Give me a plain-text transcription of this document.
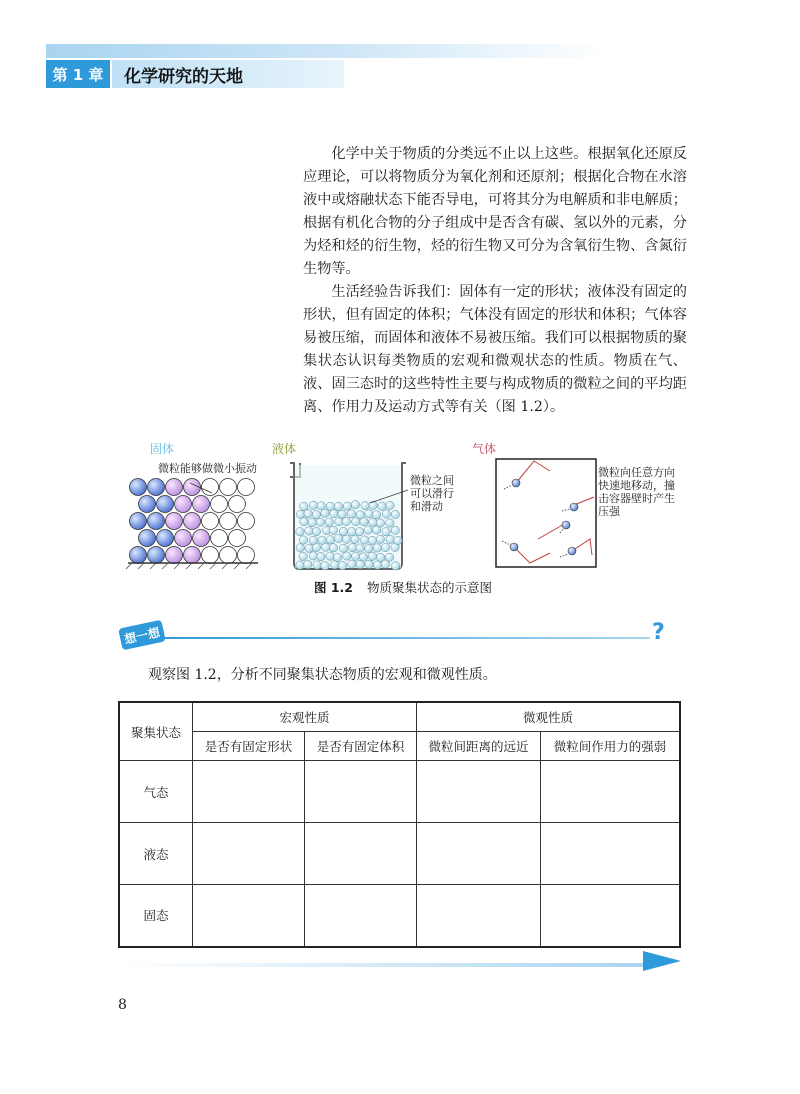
第 1 章	化学研究的天地

化学中关于物质的分类远不止以上这些。根据氧化还原反应理论，可以将物质分为氧化剂和还原剂；根据化合物在水溶液中或熔融状态下能否导电，可将其分为电解质和非电解质；根据有机化合物的分子组成中是否含有碳、氢以外的元素，分为烃和烃的衍生物，烃的衍生物又可分为含氧衍生物、含氮衍生物等。

生活经验告诉我们：固体有一定的形状；液体没有固定的形状，但有固定的体积；气体没有固定的形状和体积；气体容易被压缩，而固体和液体不易被压缩。我们可以根据物质的聚集状态认识每类物质的宏观和微观状态的性质。物质在气、液、固三态时的这些特性主要与构成物质的微粒之间的平均距离、作用力及运动方式等有关（图 1.2）。

固体	液体	气体
微粒能够做微小振动
微粒之间
可以滑行
和滑动
微粒向任意方向
快速地移动，撞
击容器壁时产生
压强
图 1.2 物质聚集状态的示意图
想一想	?
观察图 1.2，分析不同聚集状态物质的宏观和微观性质。
聚集状态	宏观性质		微观性质	
	是否有固定形状	是否有固定体积	微粒间距离的远近	微粒间作用力的强弱
气态				
液态				
固态				
8
